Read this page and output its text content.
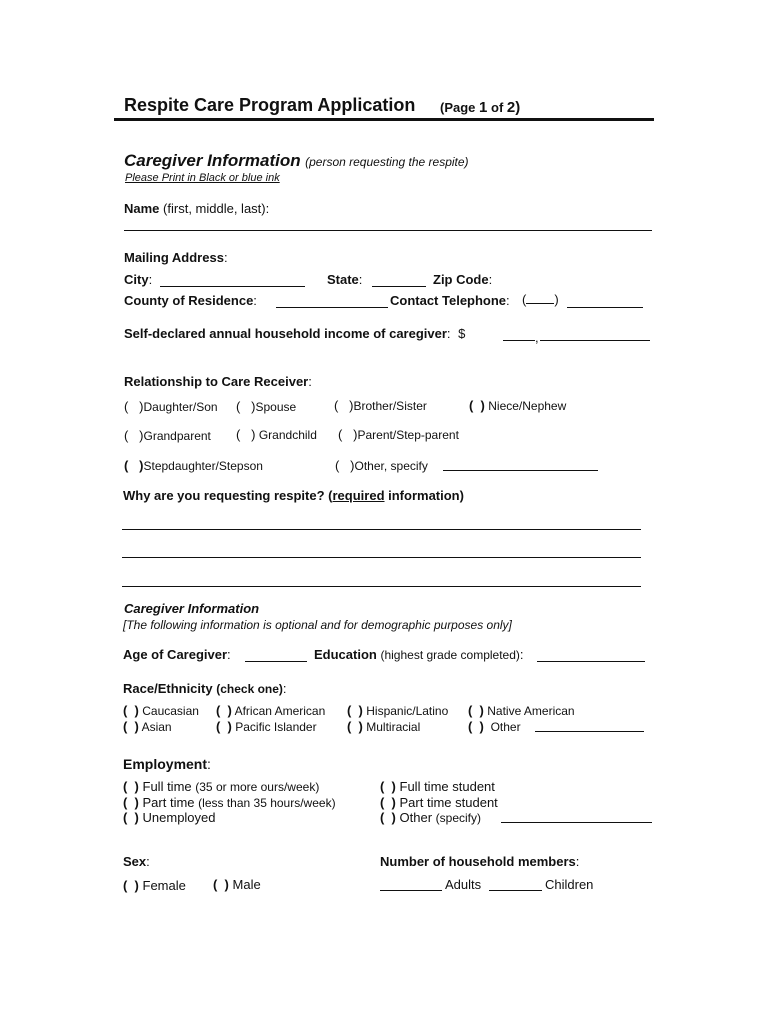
Respite Care Program Application (Page 1 of 2)
Caregiver Information (person requesting the respite)
Please Print in Black or blue ink
Name (first, middle, last):
Mailing Address:
City:	State:	Zip Code:
County of Residence:	Contact Telephone: ( )
Self-declared annual household income of caregiver: $	,
Relationship to Care Receiver:
(   )Daughter/Son (   )Spouse	(   )Brother/Sister	(  ) Niece/Nephew
(   )Grandparent (   ) Grandchild (   )Parent/Step-parent
(   )Stepdaughter/Stepson	(   )Other, specify
Why are you requesting respite? (required information)
Caregiver Information
[The following information is optional and for demographic purposes only]
Age of Caregiver:	Education (highest grade completed):
Race/Ethnicity (check one):
(  ) Caucasian (  ) African American (  ) Hispanic/Latino (  ) Native American
(  ) Asian	(  ) Pacific Islander (  ) Multiracial	(  ) Other
Employment:
(  ) Full time (35 or more ours/week)
(  ) Part time (less than 35 hours/week)
(  ) Unemployed
(  ) Full time student
(  ) Part time student
(  ) Other (specify)
Sex:
(  ) Female (  ) Male
Number of household members:
Adults	Children
